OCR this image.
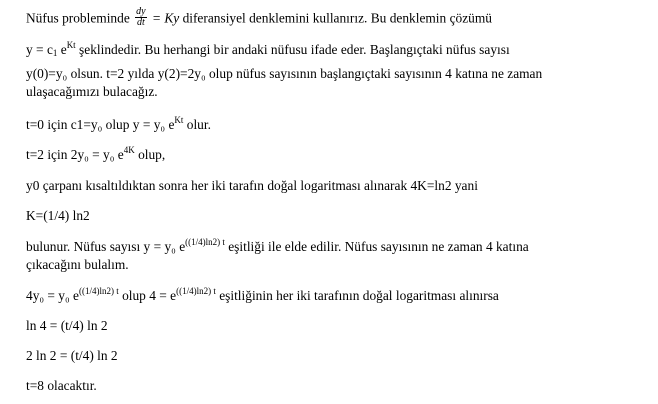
Nüfus probleminde $\frac{dy}{dt} = Ky$ diferansiyel denklemini kullanırız. Bu denklemin çözümü
$y = c_1$ $e^{Kt}$ şeklindedir. Bu herhangi bir andaki nüfusu ifade eder. Başlangıçtaki nüfus sayısı
y(0)=y₀ olsun. t=2 yılda y(2)=2y₀ olup nüfus sayısının başlangıçtaki sayısının 4 katına ne zaman
ulaşacağımızı bulacağız.
t=0 için c1=y₀ olup y = y₀ $e^{Kt}$ olur.
t=2 için 2y₀ = y₀ $e^{4K}$ olup,
y0 çarpanı kısaltıldıktan sonra her iki tarafın doğal logaritması alınarak 4K=ln2 yani
K=(1/4) ln2
bulunur. Nüfus sayısı y = y₀ $e^{((1/4)ln2) t}$ eşitliği ile elde edilir. Nüfus sayısının ne zaman 4 katına
çıkacağını bulalım.
4y₀ = y₀ $e^{((1/4)ln2) t}$ olup $4 = e^{((1/4)ln2) t}$ eşitliğinin her iki tarafının doğal logaritması alınırsa
ln 4 = (t/4) ln 2
2 ln 2 = (t/4) ln 2
t=8 olacaktır.
